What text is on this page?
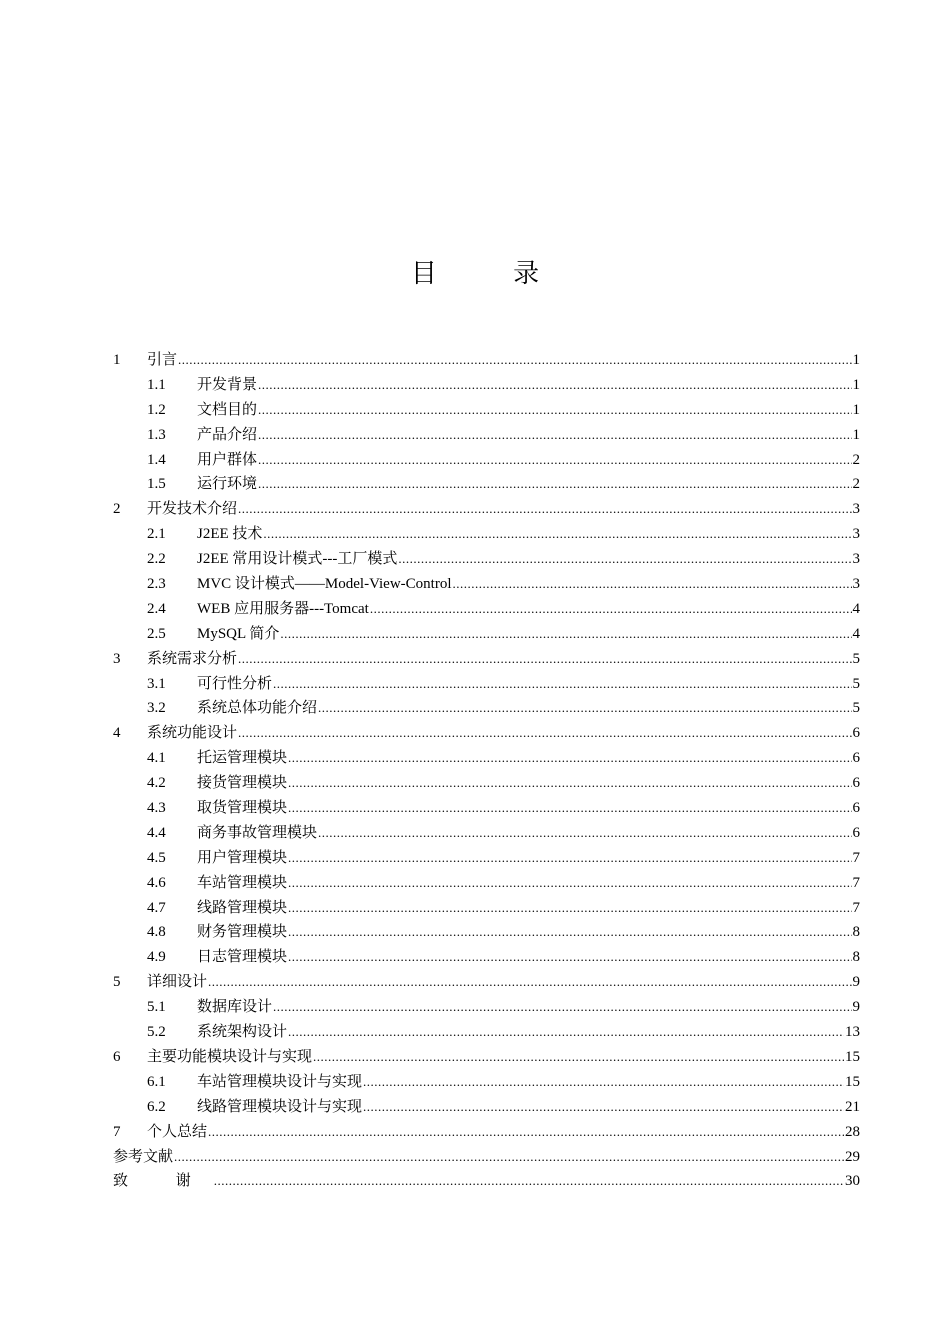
目 录
1	引言 .....	1
1.1	开发背景 .....	1
1.2	文档目的 .....	1
1.3	产品介绍 .....	1
1.4	用户群体 .....	2
1.5	运行环境 .....	2
2	开发技术介绍 .....	3
2.1	J2EE 技术 .....	3
2.2	J2EE 常用设计模式---工厂模式 .....	3
2.3	MVC 设计模式——Model-View-Control .....	3
2.4	WEB 应用服务器---Tomcat .....	4
2.5	MySQL 简介 .....	4
3	系统需求分析 .....	5
3.1	可行性分析 .....	5
3.2	系统总体功能介绍 .....	5
4	系统功能设计 .....	6
4.1	托运管理模块 .....	6
4.2	接货管理模块 .....	6
4.3	取货管理模块 .....	6
4.4	商务事故管理模块 .....	6
4.5	用户管理模块 .....	7
4.6	车站管理模块 .....	7
4.7	线路管理模块 .....	7
4.8	财务管理模块 .....	8
4.9	日志管理模块 .....	8
5	详细设计 .....	9
5.1	数据库设计 .....	9
5.2	系统架构设计 .....	13
6	主要功能模块设计与实现 .....	15
6.1	车站管理模块设计与实现 .....	15
6.2	线路管理模块设计与实现 .....	21
7	个人总结 .....	28
参考文献 .....	29
致 谢 .....	30
